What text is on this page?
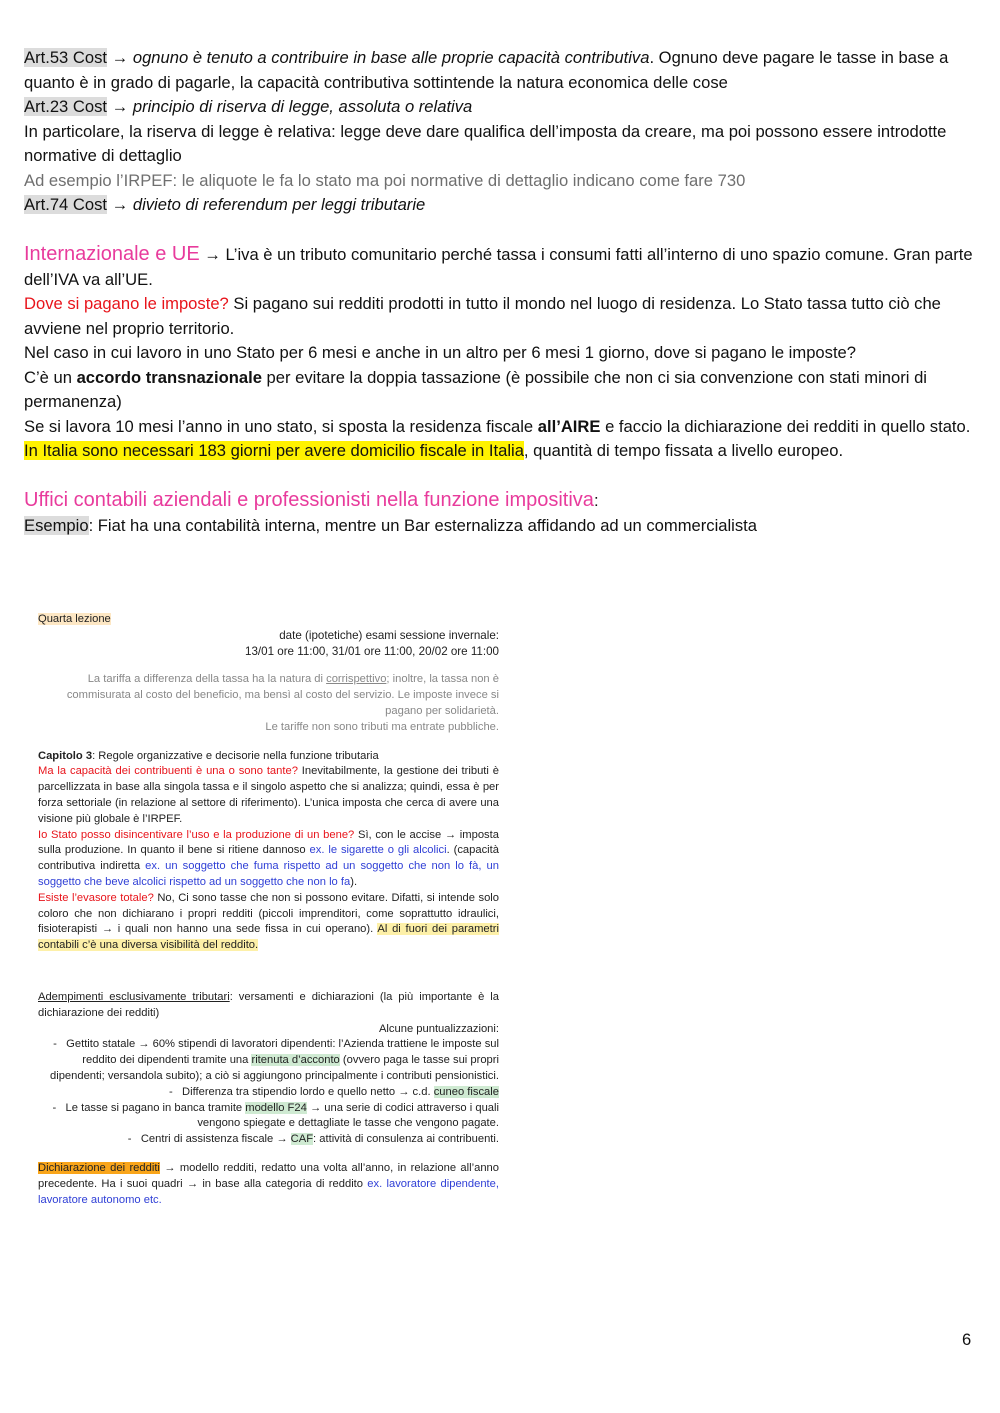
Art.53 Cost → ognuno è tenuto a contribuire in base alle proprie capacità contributiva. Ognuno deve pagare le tasse in base a quanto è in grado di pagarle, la capacità contributiva sottintende la natura economica delle cose

Art.23 Cost → principio di riserva di legge, assoluta o relativa

In particolare, la riserva di legge è relativa: legge deve dare qualifica dell’imposta da creare, ma poi possono essere introdotte normative di dettaglio

Ad esempio l’IRPEF: le aliquote le fa lo stato ma poi normative di dettaglio indicano come fare 730

Art.74 Cost → divieto di referendum per leggi tributarie

Internazionale e UE → L’iva è un tributo comunitario perché tassa i consumi fatti all’interno di uno spazio comune. Gran parte dell’IVA va all’UE.

Dove si pagano le imposte? Si pagano sui redditi prodotti in tutto il mondo nel luogo di residenza. Lo Stato tassa tutto ciò che avviene nel proprio territorio.

Nel caso in cui lavoro in uno Stato per 6 mesi e anche in un altro per 6 mesi 1 giorno, dove si pagano le imposte?

C’è un accordo transnazionale per evitare la doppia tassazione (è possibile che non ci sia convenzione con stati minori di permanenza)

Se si lavora 10 mesi l’anno in uno stato, si sposta la residenza fiscale all’AIRE e faccio la dichiarazione dei redditi in quello stato. In Italia sono necessari 183 giorni per avere domicilio fiscale in Italia, quantità di tempo fissata a livello europeo.

Uffici contabili aziendali e professionisti nella funzione impositiva:

Esempio: Fiat ha una contabilità interna, mentre un Bar esternalizza affidando ad un commercialista

Quarta lezione

date (ipotetiche) esami sessione invernale:

13/01 ore 11:00, 31/01 ore 11:00, 20/02 ore 11:00

La tariffa a differenza della tassa ha la natura di corrispettivo; inoltre, la tassa non è commisurata al costo del beneficio, ma bensì al costo del servizio. Le imposte invece si pagano per solidarietà.

Le tariffe non sono tributi ma entrate pubbliche.

Capitolo 3: Regole organizzative e decisorie nella funzione tributaria

Ma la capacità dei contribuenti è una o sono tante? Inevitabilmente, la gestione dei tributi è parcellizzata in base alla singola tassa e il singolo aspetto che si analizza; quindi, essa è per forza settoriale (in relazione al settore di riferimento). L’unica imposta che cerca di avere una visione più globale è l’IRPEF.

Io Stato posso disincentivare l’uso e la produzione di un bene? Sì, con le accise → imposta sulla produzione. In quanto il bene si ritiene dannoso ex. le sigarette o gli alcolici. (capacità contributiva indiretta ex. un soggetto che fuma rispetto ad un soggetto che non lo fà, un soggetto che beve alcolici rispetto ad un soggetto che non lo fa).

Esiste l’evasore totale? No, Ci sono tasse che non si possono evitare. Difatti, si intende solo coloro che non dichiarano i propri redditi (piccoli imprenditori, come soprattutto idraulici, fisioterapisti → i quali non hanno una sede fissa in cui operano). Al di fuori dei parametri contabili c’è una diversa visibilità del reddito.

Adempimenti esclusivamente tributari: versamenti e dichiarazioni (la più importante è la dichiarazione dei redditi)

Alcune puntualizzazioni:

-   Gettito statale → 60% stipendi di lavoratori dipendenti: l’Azienda trattiene le imposte sul reddito dei dipendenti tramite una ritenuta d’acconto (ovvero paga le tasse sui propri dipendenti; versandola subito); a ciò si aggiungono principalmente i contributi pensionistici.

-   Differenza tra stipendio lordo e quello netto → c.d. cuneo fiscale

-   Le tasse si pagano in banca tramite modello F24 → una serie di codici attraverso i quali vengono spiegate e dettagliate le tasse che vengono pagate.

-   Centri di assistenza fiscale → CAF: attività di consulenza ai contribuenti.

Dichiarazione dei redditi → modello redditi, redatto una volta all’anno, in relazione all’anno precedente. Ha i suoi quadri → in base alla categoria di reddito ex. lavoratore dipendente, lavoratore autonomo etc.

6
